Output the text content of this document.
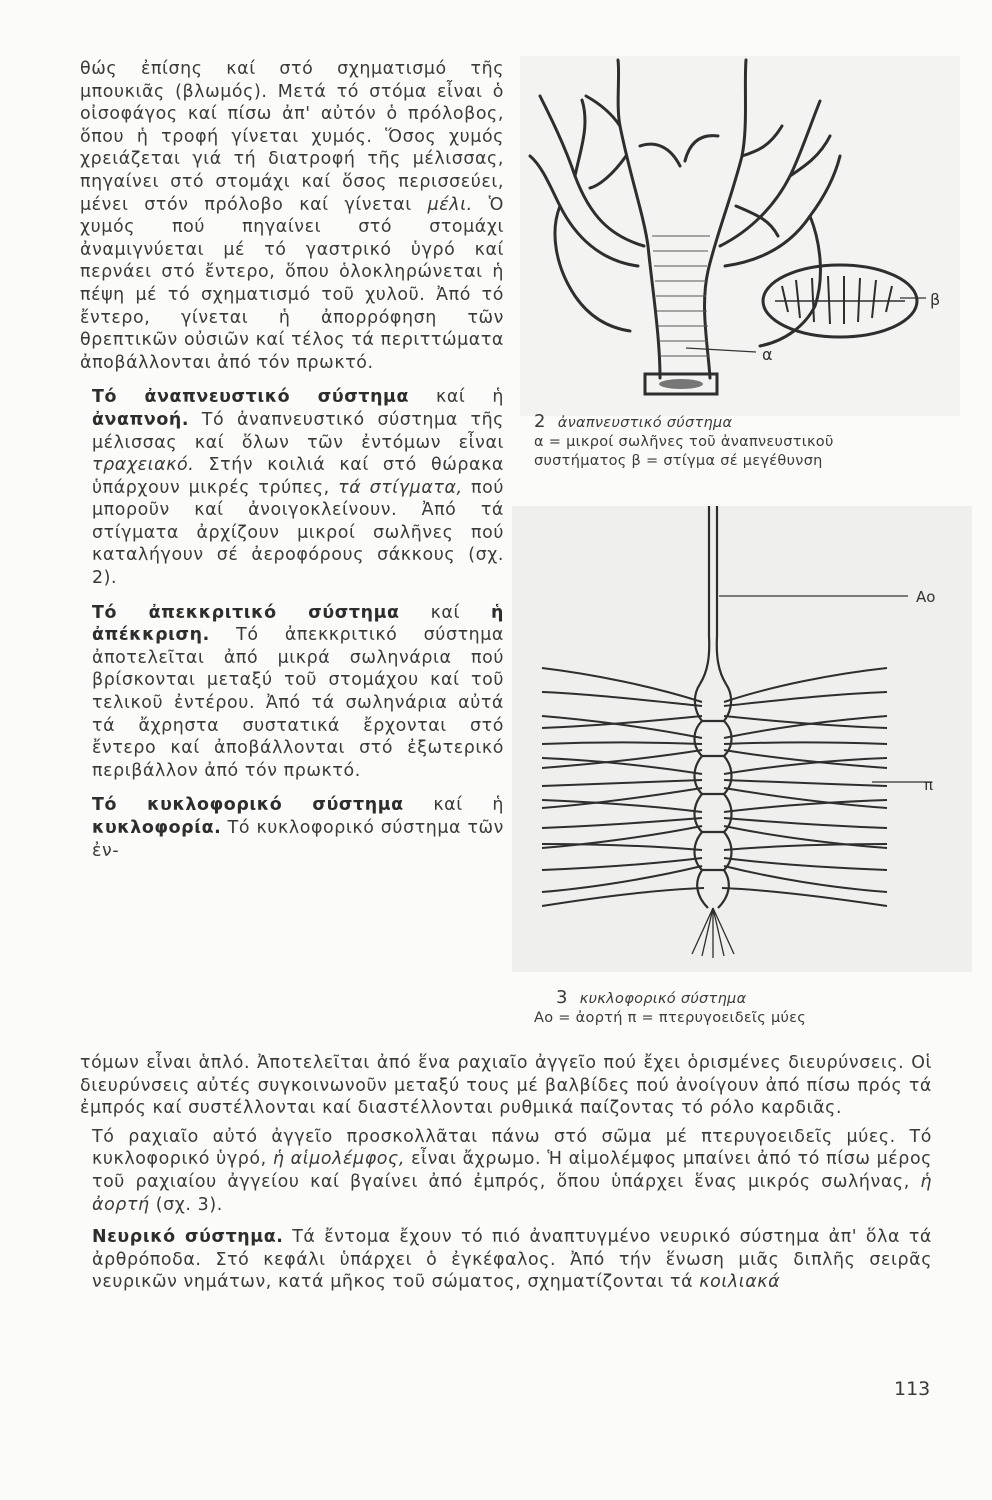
θώς ἐπίσης καί στό σχηματισμό τῆς μπουκιᾶς (βλωμός). Μετά τό στόμα εἶναι ὁ οἰσοφάγος καί πίσω ἀπ' αὐτόν ὁ πρόλοβος, ὅπου ἡ τροφή γίνεται χυμός. Ὅσος χυμός χρειάζεται γιά τή διατροφή τῆς μέλισσας, πηγαίνει στό στομάχι καί ὅσος περισσεύει, μένει στόν πρόλοβο καί γίνεται μέλι. Ὁ χυμός πού πηγαίνει στό στομάχι ἀναμιγνύεται μέ τό γαστρικό ὑγρό καί περνάει στό ἔντερο, ὅπου ὁλοκληρώνεται ἡ πέψη μέ τό σχηματισμό τοῦ χυλοῦ. Ἀπό τό ἔντερο, γίνεται ἡ ἀπορρόφηση τῶν θρεπτικῶν οὐσιῶν καί τέλος τά περιττώματα ἀποβάλλονται ἀπό τόν πρωκτό.

Τό ἀναπνευστικό σύστημα καί ἡ ἀναπνοή. Τό ἀναπνευστικό σύστημα τῆς μέλισσας καί ὅλων τῶν ἐντόμων εἶναι τραχειακό. Στήν κοιλιά καί στό θώρακα ὑπάρχουν μικρές τρύπες, τά στίγματα, πού μποροῦν καί ἀνοιγοκλείνουν. Ἀπό τά στίγματα ἀρχίζουν μικροί σωλῆνες πού καταλήγουν σέ ἀεροφόρους σάκκους (σχ. 2).

Τό ἀπεκκριτικό σύστημα καί ἡ ἀπέκκριση. Τό ἀπεκκριτικό σύστημα ἀποτελεῖται ἀπό μικρά σωληνάρια πού βρίσκονται μεταξύ τοῦ στομάχου καί τοῦ τελικοῦ ἐντέρου. Ἀπό τά σωληνάρια αὐτά τά ἄχρηστα συστατικά ἔρχονται στό ἔντερο καί ἀποβάλλονται στό ἐξωτερικό περιβάλλον ἀπό τόν πρωκτό.

Τό κυκλοφορικό σύστημα καί ἡ κυκλοφορία. Τό κυκλοφορικό σύστημα τῶν ἐν-

τόμων εἶναι ἁπλό. Ἀποτελεῖται ἀπό ἕνα ραχιαῖο ἀγγεῖο πού ἔχει ὁρισμένες διευρύνσεις. Οἱ διευρύνσεις αὐτές συγκοινωνοῦν μεταξύ τους μέ βαλβίδες πού ἀνοίγουν ἀπό πίσω πρός τά ἐμπρός καί συστέλλονται καί διαστέλλονται ρυθμικά παίζοντας τό ρόλο καρδιᾶς.

Τό ραχιαῖο αὐτό ἀγγεῖο προσκολλᾶται πάνω στό σῶμα μέ πτερυγοειδεῖς μύες. Τό κυκλοφορικό ὑγρό, ἡ αἱμολέμφος, εἶναι ἄχρωμο. Ἡ αἱμολέμφος μπαίνει ἀπό τό πίσω μέρος τοῦ ραχιαίου ἀγγείου καί βγαίνει ἀπό ἐμπρός, ὅπου ὑπάρχει ἕνας μικρός σωλήνας, ἡ ἀορτή (σχ. 3).

Νευρικό σύστημα. Τά ἔντομα ἔχουν τό πιό ἀναπτυγμένο νευρικό σύστημα ἀπ' ὅλα τά ἀρθρόποδα. Στό κεφάλι ὑπάρχει ὁ ἐγκέφαλος. Ἀπό τήν ἕνωση μιᾶς διπλῆς σειρᾶς νευρικῶν νημάτων, κατά μῆκος τοῦ σώματος, σχηματίζονται τά κοιλιακά

α
β
2 ἀναπνευστικό σύστημα
α = μικροί σωλῆνες τοῦ ἀναπνευστικοῦ
συστήματος β = στίγμα σέ μεγέθυνση
Αο
π
3 κυκλοφορικό σύστημα
Αο = ἀορτή π = πτερυγοειδεῖς μύες
113
